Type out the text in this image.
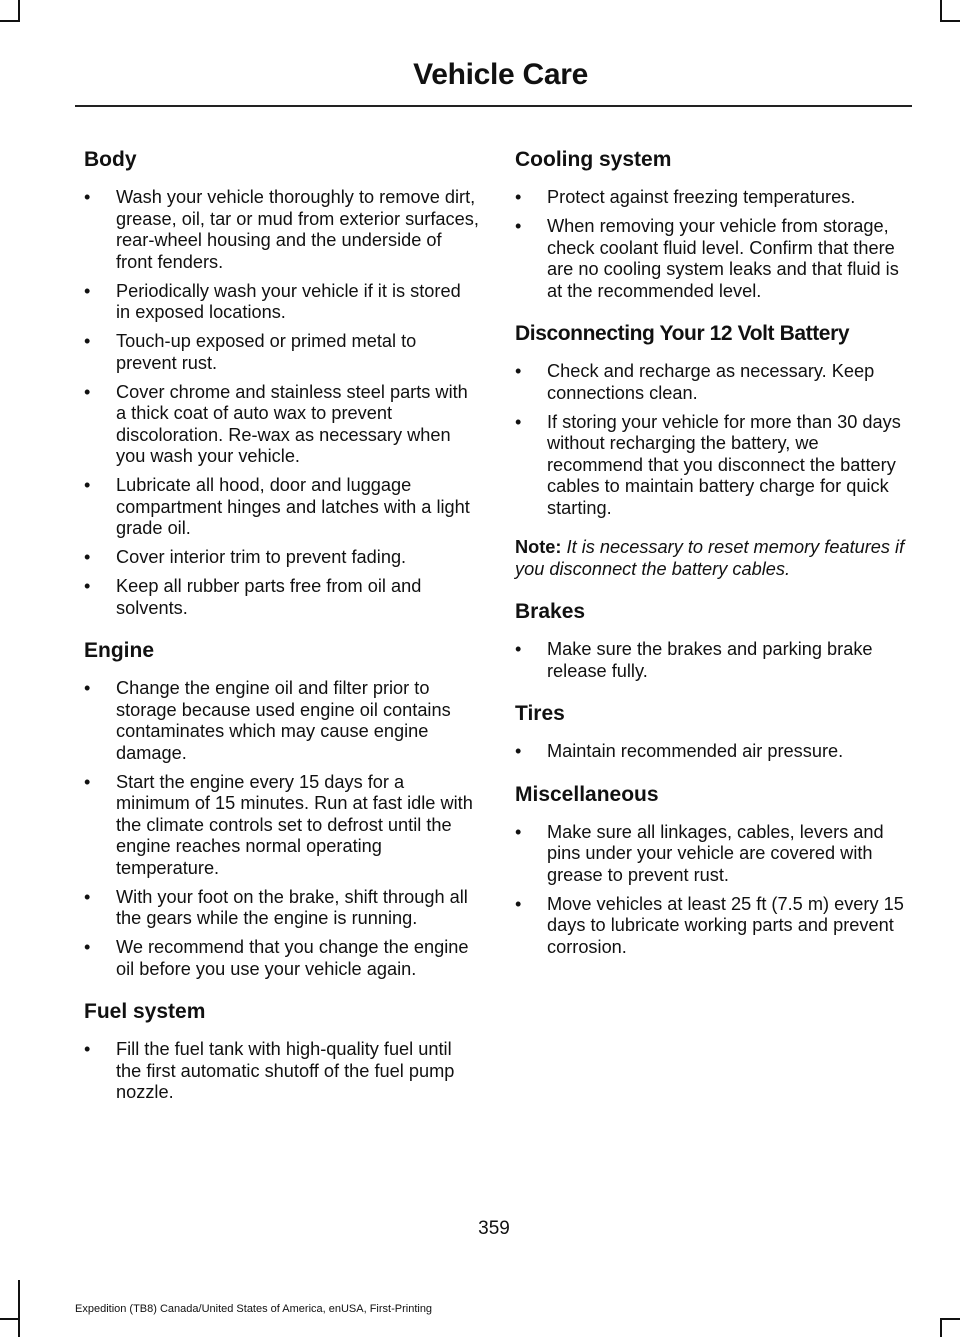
Vehicle Care
Body
• Wash your vehicle thoroughly to remove dirt, grease, oil, tar or mud from exterior surfaces, rear-wheel housing and the underside of front fenders.
• Periodically wash your vehicle if it is stored in exposed locations.
• Touch-up exposed or primed metal to prevent rust.
• Cover chrome and stainless steel parts with a thick coat of auto wax to prevent discoloration. Re-wax as necessary when you wash your vehicle.
• Lubricate all hood, door and luggage compartment hinges and latches with a light grade oil.
• Cover interior trim to prevent fading.
• Keep all rubber parts free from oil and solvents.
Engine
• Change the engine oil and filter prior to storage because used engine oil contains contaminates which may cause engine damage.
• Start the engine every 15 days for a minimum of 15 minutes. Run at fast idle with the climate controls set to defrost until the engine reaches normal operating temperature.
• With your foot on the brake, shift through all the gears while the engine is running.
• We recommend that you change the engine oil before you use your vehicle again.
Fuel system
• Fill the fuel tank with high-quality fuel until the first automatic shutoff of the fuel pump nozzle.
Cooling system
• Protect against freezing temperatures.
• When removing your vehicle from storage, check coolant fluid level. Confirm that there are no cooling system leaks and that fluid is at the recommended level.
Disconnecting Your 12 Volt Battery
• Check and recharge as necessary. Keep connections clean.
• If storing your vehicle for more than 30 days without recharging the battery, we recommend that you disconnect the battery cables to maintain battery charge for quick starting.

Note: It is necessary to reset memory features if you disconnect the battery cables.

Brakes
• Make sure the brakes and parking brake release fully.
Tires
• Maintain recommended air pressure.
Miscellaneous
• Make sure all linkages, cables, levers and pins under your vehicle are covered with grease to prevent rust.
• Move vehicles at least 25 ft (7.5 m) every 15 days to lubricate working parts and prevent corrosion.
359
Expedition (TB8) Canada/United States of America, enUSA, First-Printing
